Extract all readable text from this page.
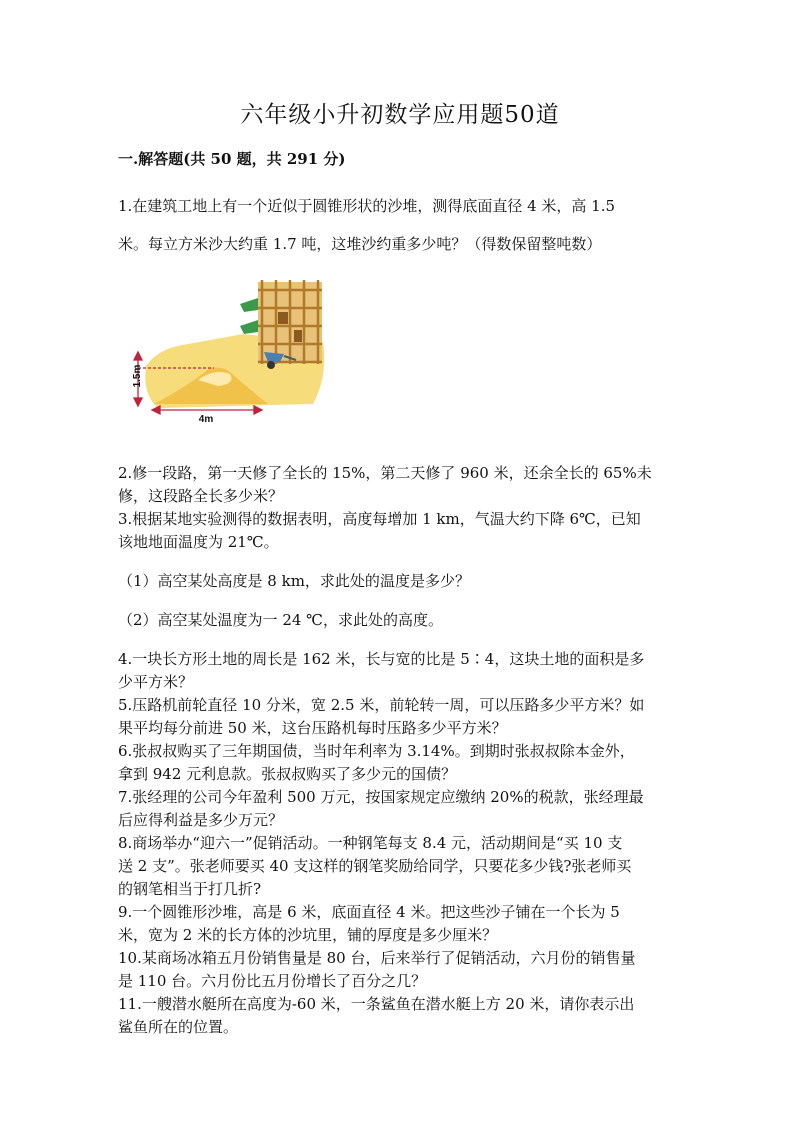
六年级小升初数学应用题50道
一.解答题(共 50 题，共 291 分)

1.在建筑工地上有一个近似于圆锥形状的沙堆，测得底面直径 4 米，高 1.5

米。每立方米沙大约重 1.7 吨，这堆沙约重多少吨？（得数保留整吨数）

1.5m
4m

2.修一段路，第一天修了全长的 15%，第二天修了 960 米，还余全长的 65%未

修，这段路全长多少米？

3.根据某地实验测得的数据表明，高度每增加 1 km，气温大约下降 6℃，已知

该地地面温度为 21℃。

（1）高空某处高度是 8 km，求此处的温度是多少？

（2）高空某处温度为一 24 ℃，求此处的高度。

4.一块长方形土地的周长是 162 米，长与宽的比是 5∶4，这块土地的面积是多

少平方米？

5.压路机前轮直径 10 分米，宽 2.5 米，前轮转一周，可以压路多少平方米？如

果平均每分前进 50 米，这台压路机每时压路多少平方米？

6.张叔叔购买了三年期国债，当时年利率为 3.14%。到期时张叔叔除本金外，

拿到 942 元利息款。张叔叔购买了多少元的国债？

7.张经理的公司今年盈利 500 万元，按国家规定应缴纳 20%的税款，张经理最

后应得利益是多少万元？

8.商场举办“迎六一”促销活动。一种钢笔每支 8.4 元，活动期间是“买 10 支

送 2 支”。张老师要买 40 支这样的钢笔奖励给同学，只要花多少钱?张老师买

的钢笔相当于打几折?

9.一个圆锥形沙堆，高是 6 米，底面直径 4 米。把这些沙子铺在一个长为 5

米，宽为 2 米的长方体的沙坑里，铺的厚度是多少厘米？

10.某商场冰箱五月份销售量是 80 台，后来举行了促销活动，六月份的销售量

是 110 台。六月份比五月份增长了百分之几？

11.一艘潜水艇所在高度为-60 米，一条鲨鱼在潜水艇上方 20 米，请你表示出

鲨鱼所在的位置。
